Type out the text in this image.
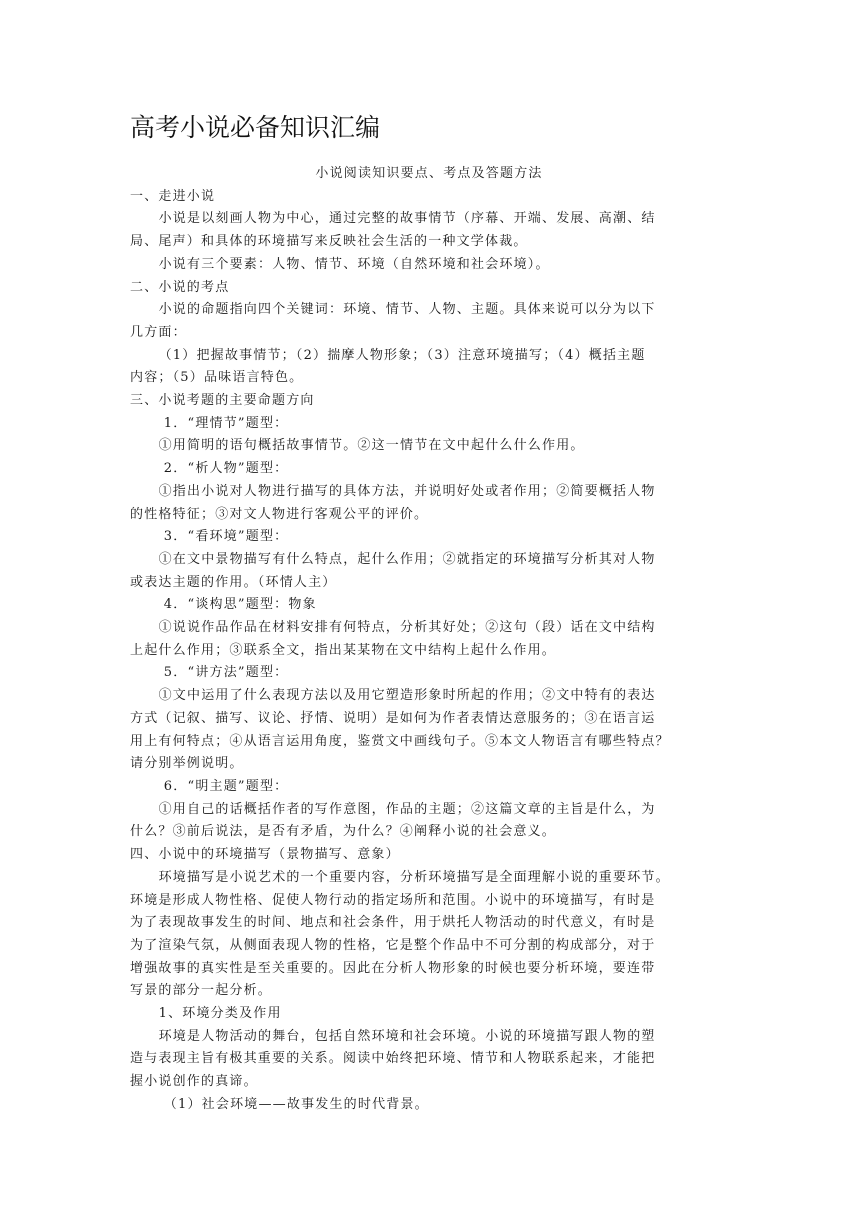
高考小说必备知识汇编

小说阅读知识要点、考点及答题方法

一、走进小说

小说是以刻画人物为中心，通过完整的故事情节（序幕、开端、发展、高潮、结

局、尾声）和具体的环境描写来反映社会生活的一种文学体裁。

小说有三个要素：人物、情节、环境（自然环境和社会环境）。

二、小说的考点

小说的命题指向四个关键词：环境、情节、人物、主题。具体来说可以分为以下

几方面：

（1）把握故事情节；（2）揣摩人物形象；（3）注意环境描写；（4）概括主题

内容；（5）品味语言特色。

三、小说考题的主要命题方向

1．“理情节”题型：

①用简明的语句概括故事情节。②这一情节在文中起什么什么作用。

2．“析人物”题型：

①指出小说对人物进行描写的具体方法，并说明好处或者作用；②简要概括人物

的性格特征；③对文人物进行客观公平的评价。

3．“看环境”题型：

①在文中景物描写有什么特点，起什么作用；②就指定的环境描写分析其对人物

或表达主题的作用。（环情人主）

4．“谈构思”题型：物象

①说说作品作品在材料安排有何特点，分析其好处；②这句（段）话在文中结构

上起什么作用；③联系全文，指出某某物在文中结构上起什么作用。

5．“讲方法”题型：

①文中运用了什么表现方法以及用它塑造形象时所起的作用；②文中特有的表达

方式（记叙、描写、议论、抒情、说明）是如何为作者表情达意服务的；③在语言运

用上有何特点；④从语言运用角度，鉴赏文中画线句子。⑤本文人物语言有哪些特点？

请分别举例说明。

6．“明主题”题型：

①用自己的话概括作者的写作意图，作品的主题；②这篇文章的主旨是什么，为

什么？③前后说法，是否有矛盾，为什么？④阐释小说的社会意义。

四、小说中的环境描写（景物描写、意象）

环境描写是小说艺术的一个重要内容，分析环境描写是全面理解小说的重要环节。

环境是形成人物性格、促使人物行动的指定场所和范围。小说中的环境描写，有时是

为了表现故事发生的时间、地点和社会条件，用于烘托人物活动的时代意义，有时是

为了渲染气氛，从侧面表现人物的性格，它是整个作品中不可分割的构成部分，对于

增强故事的真实性是至关重要的。因此在分析人物形象的时候也要分析环境，要连带

写景的部分一起分析。

1、环境分类及作用

环境是人物活动的舞台，包括自然环境和社会环境。小说的环境描写跟人物的塑

造与表现主旨有极其重要的关系。阅读中始终把环境、情节和人物联系起来，才能把

握小说创作的真谛。

（1）社会环境——故事发生的时代背景。
